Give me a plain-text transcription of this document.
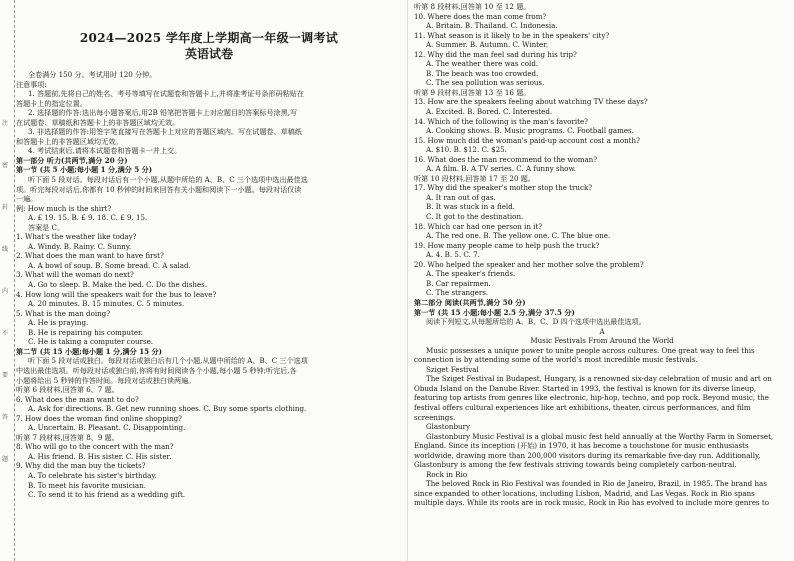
注
密
封
线
内
不
要
答
题
2024—2025 学年度上学期高一年级一调考试
英语试卷
全卷满分 150 分。考试用时 120 分钟。
注意事项:
1. 答题前,先将自己的姓名、考号等填写在试题卷和答题卡上,并将准考证号条形码粘贴在
答题卡上的指定位置。
2. 选择题的作答:选出每小题答案后,用2B 铅笔把答题卡上对应题目的答案标号涂黑,写
在试题卷、草稿纸和答题卡上的非答题区域均无效。
3. 非选择题的作答:用签字笔直接写在答题卡上对应的答题区域内。写在试题卷、草稿纸
和答题卡上的非答题区域均无效。
4. 考试结束后,请将本试题卷和答题卡一并上交。
第一部分 听力(共两节,满分 20 分)
第一节 (共 5 小题;每小题 1 分,满分 5 分)
听下面 5 段对话。每段对话后有一个小题,从题中所给的 A、B、C 三个选项中选出最佳选
项。听完每段对话后,你都有 10 秒钟的时间来回答有关小题和阅读下一小题。每段对话仅读
一遍。
例: How much is the shirt?
A. £ 19. 15. B. £ 9. 18. C. £ 9. 15.
答案是 C。
1. What's the weather like today?
A. Windy. B. Rainy. C. Sunny.
2. What does the man want to have first?
A. A bowl of soup. B. Some bread. C. A salad.
3. What will the woman do next?
A. Go to sleep. B. Make the bed. C. Do the dishes.
4. How long will the speakers wait for the bus to leave?
A. 20 minutes. B. 15 minutes. C. 5 minutes.
5. What is the man doing?
A. He is praying.
B. He is repairing his computer.
C. He is taking a computer course.
第二节 (共 15 小题;每小题 1 分,满分 15 分)
听下面 5 段对话或独白。每段对话或独白后有几个小题,从题中所给的 A、B、C 三个选项
中选出最佳选项。听每段对话或独白前,你将有时间阅读各个小题,每小题 5 秒钟;听完后,各
小题将给出 5 秒钟的作答时间。每段对话或独白读两遍。
听第 6 段材料,回答第 6、7 题。
6. What does the man want to do?
A. Ask for directions. B. Get new running shoes. C. Buy some sports clothing.
7. How does the woman find online shopping?
A. Uncertain. B. Pleasant. C. Disappointing.
听第 7 段材料,回答第 8、9 题。
8. Who will go to the concert with the man?
A. His friend. B. His sister. C. His sister.
9. Why did the man buy the tickets?
A. To celebrate his sister's birthday.
B. To meet his favorite musician.
C. To send it to his friend as a wedding gift.
听第 8 段材料,回答第 10 至 12 题。
10. Where does the man come from?
A. Britain. B. Thailand. C. Indonesia.
11. What season is it likely to be in the speakers' city?
A. Summer. B. Autumn. C. Winter.
12. Why did the man feel sad during his trip?
A. The weather there was cold.
B. The beach was too crowded.
C. The sea pollution was serious.
听第 9 段材料,回答第 13 至 16 题。
13. How are the speakers feeling about watching TV these days?
A. Excited. B. Bored. C. Interested.
14. Which of the following is the man's favorite?
A. Cooking shows. B. Music programs. C. Football games.
15. How much did the woman's paid-up account cost a month?
A. $10. B. $12. C. $25.
16. What does the man recommend to the woman?
A. A film. B. A TV series. C. A funny show.
听第 10 段材料,回答第 17 至 20 题。
17. Why did the speaker's mother stop the truck?
A. It ran out of gas.
B. It was stuck in a field.
C. It got to the destination.
18. Which car had one person in it?
A. The red one. B. The yellow one. C. The blue one.
19. How many people came to help push the truck?
A. 4. B. 5. C. 7.
20. Who helped the speaker and her mother solve the problem?
A. The speaker's friends.
B. Car repairmen.
C. The strangers.
第二部分 阅读(共两节,满分 50 分)
第一节 (共 15 小题;每小题 2.5 分,满分 37.5 分)
阅读下列短文,从每题所给的 A、B、C、D 四个选项中选出最佳选项。
A
Music Festivals From Around the World
Music possesses a unique power to unite people across cultures. One great way to feel this
connection is by attending some of the world's most incredible music festivals.
Sziget Festival
The Sziget Festival in Budapest, Hungary, is a renowned six-day celebration of music and art on
Obuda Island on the Danube River. Started in 1993, the festival is known for its diverse lineup,
featuring top artists from genres like electronic, hip-hop, techno, and pop rock. Beyond music, the
festival offers cultural experiences like art exhibitions, theater, circus performances, and film
screenings.
Glastonbury
Glastonbury Music Festival is a global music fest held annually at the Worthy Farm in Somerset,
England. Since its inception (开始) in 1970, it has become a touchstone for music enthusiasts
worldwide, drawing more than 200,000 visitors during its remarkable five-day run. Additionally,
Glastonbury is among the few festivals striving towards being completely carbon-neutral.
Rock in Rio
The beloved Rock in Rio Festival was founded in Rio de Janeiro, Brazil, in 1985. The brand has
since expanded to other locations, including Lisbon, Madrid, and Las Vegas. Rock in Rio spans
multiple days. While its roots are in rock music, Rock in Rio has evolved to include more genres to
